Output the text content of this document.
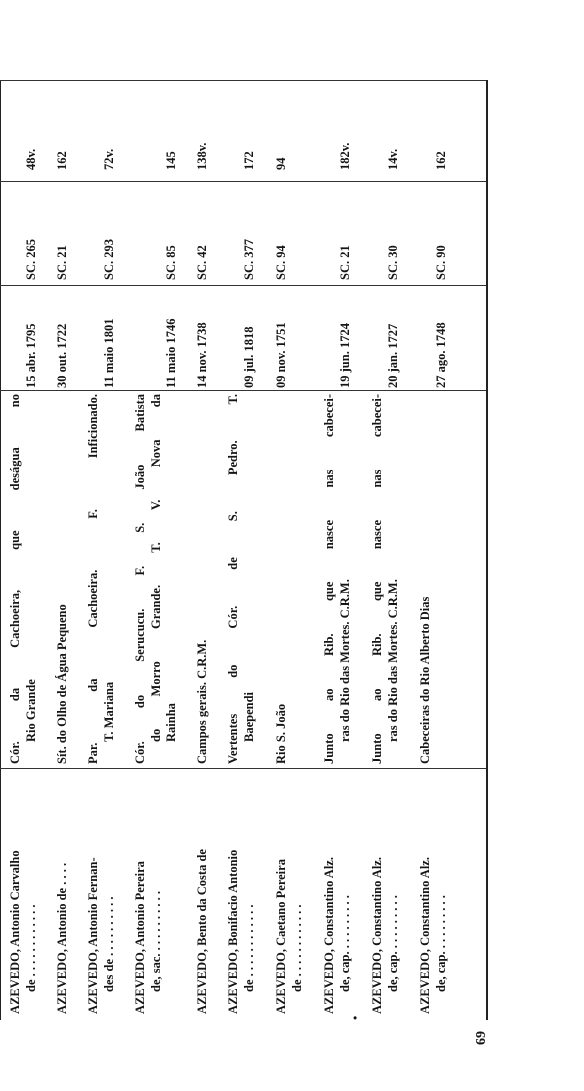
69
AZEVEDO, Antonio Carvalho de . . . . . . . . . . . .
Cór. da Cachoeira, que deságua no Rio Grande
15 abr. 1795
SC. 265
48v.
AZEVEDO, Antonio de . . . .
Sít. do Olho de Água Pequeno
30 out. 1722
SC. 21
162
AZEVEDO, Antonio Fernan- des de . . . . . . . . . .
Par. da Cachoeira. F. Inficionado. T. Mariana
11 maio 1801
SC. 293
72v.
AZEVEDO, Antonio Pereira de, sac. . . . . . . . . . .
Cór. do Serucucu. F. S. João Batista do Morro Grande. T. V. Nova da Rainha
11 maio 1746
SC. 85
145
AZEVEDO, Bento da Costa de
Campos gerais. C.R.M.
14 nov. 1738
SC. 42
138v.
AZEVEDO, Bonifacio Antonio de . . . . . . . . . . . .
Vertentes do Cór. de S. Pedro. T. Baependi
09 jul. 1818
SC. 377
172
AZEVEDO, Caetano Pereira de . . . . . . . . . . . .
Rio S. João
09 nov. 1751
SC. 94
94
AZEVEDO, Constantino Alz. de, cap. . . . . . . . . .
Junto ao Rib. que nasce nas cabecei- ras do Rio das Mortes. C.R.M.
19 jun. 1724
SC. 21
182v.
•
AZEVEDO, Constantino Alz. de, cap. . . . . . . . . .
Junto ao Rib. que nasce nas cabecei- ras do Rio das Mortes. C.R.M.
20 jan. 1727
SC. 30
14v.
AZEVEDO, Constantino Alz. de, cap. . . . . . . . . .
Cabeceiras do Rio Alberto Dias
27 ago. 1748
SC. 90
162
